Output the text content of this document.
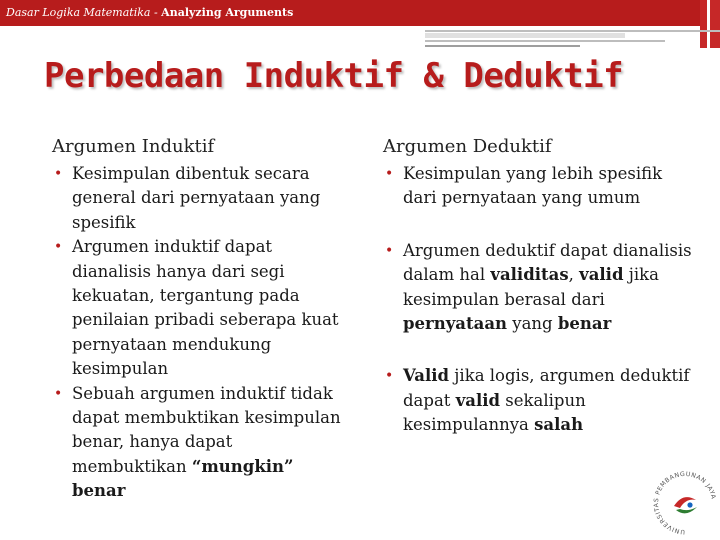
Dasar Logika Matematika - Analyzing Arguments
Perbedaan Induktif & Deduktif
Argumen Induktif
• Kesimpulan dibentuk secara general dari pernyataan yang spesifik
• Argumen induktif dapat dianalisis hanya dari segi kekuatan, tergantung pada penilaian pribadi seberapa kuat pernyataan mendukung kesimpulan
• Sebuah argumen induktif tidak dapat membuktikan kesimpulan benar, hanya dapat membuktikan “mungkin” benar
Argumen Deduktif
• Kesimpulan yang lebih spesifik dari pernyataan yang umum
• Argumen deduktif dapat dianalisis dalam hal validitas, valid jika kesimpulan berasal dari pernyataan yang benar
• Valid jika logis, argumen deduktif dapat valid sekalipun kesimpulannya salah
UNIVERSITAS PEMBANGUNAN JAYA
